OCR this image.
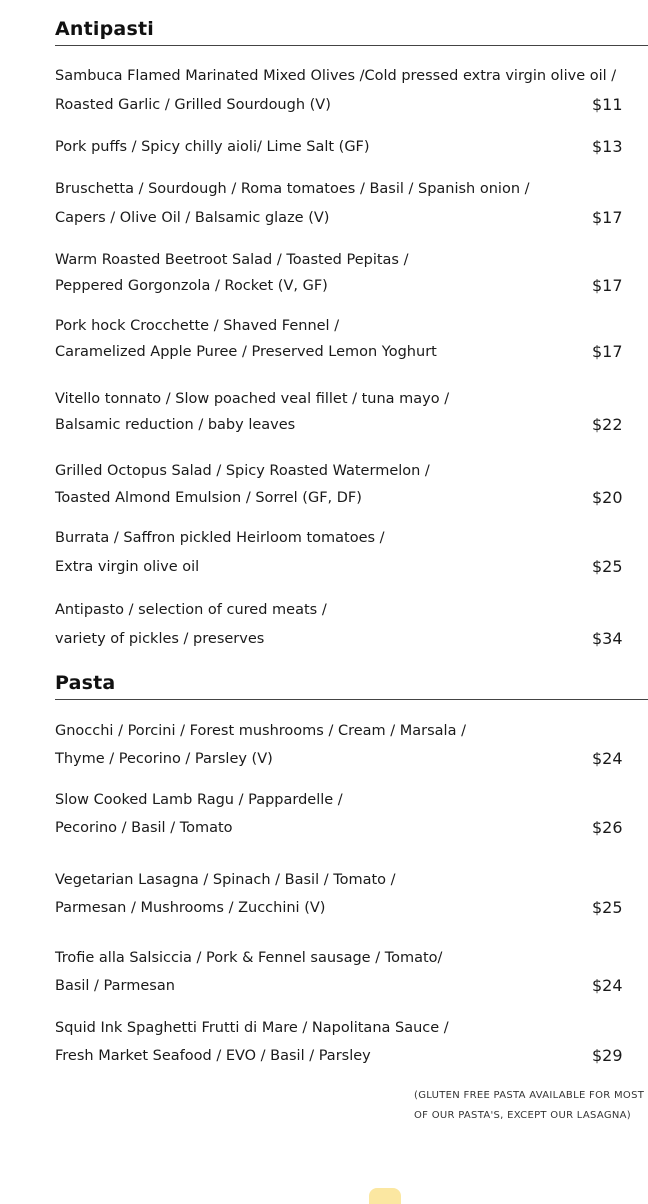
Antipasti
Sambuca Flamed Marinated Mixed Olives /Cold pressed extra virgin olive oil /
Roasted Garlic / Grilled Sourdough (V)	$11
Pork puffs / Spicy chilly aioli/ Lime Salt (GF)	$13
Bruschetta / Sourdough / Roma tomatoes / Basil / Spanish onion /
Capers / Olive Oil / Balsamic glaze (V)	$17
Warm Roasted Beetroot Salad / Toasted Pepitas /
Peppered Gorgonzola / Rocket (V, GF)	$17
Pork hock Crocchette / Shaved Fennel /
Caramelized Apple Puree / Preserved Lemon Yoghurt	$17
Vitello tonnato / Slow poached veal fillet / tuna mayo /
Balsamic reduction / baby leaves	$22
Grilled Octopus Salad / Spicy Roasted Watermelon /
Toasted Almond Emulsion / Sorrel (GF, DF)	$20
Burrata / Saffron pickled Heirloom tomatoes /
Extra virgin olive oil	$25
Antipasto / selection of cured meats /
variety of pickles / preserves	$34
Pasta
Gnocchi / Porcini / Forest mushrooms / Cream / Marsala /
Thyme / Pecorino / Parsley (V)	$24
Slow Cooked Lamb Ragu / Pappardelle /
Pecorino / Basil / Tomato	$26
Vegetarian Lasagna / Spinach / Basil / Tomato /
Parmesan / Mushrooms / Zucchini (V)	$25
Trofie alla Salsiccia / Pork & Fennel sausage / Tomato/
Basil / Parmesan	$24
Squid Ink Spaghetti Frutti di Mare / Napolitana Sauce /
Fresh Market Seafood / EVO / Basil / Parsley	$29
(GLUTEN FREE PASTA AVAILABLE FOR MOST
OF OUR PASTA'S, EXCEPT OUR LASAGNA)
